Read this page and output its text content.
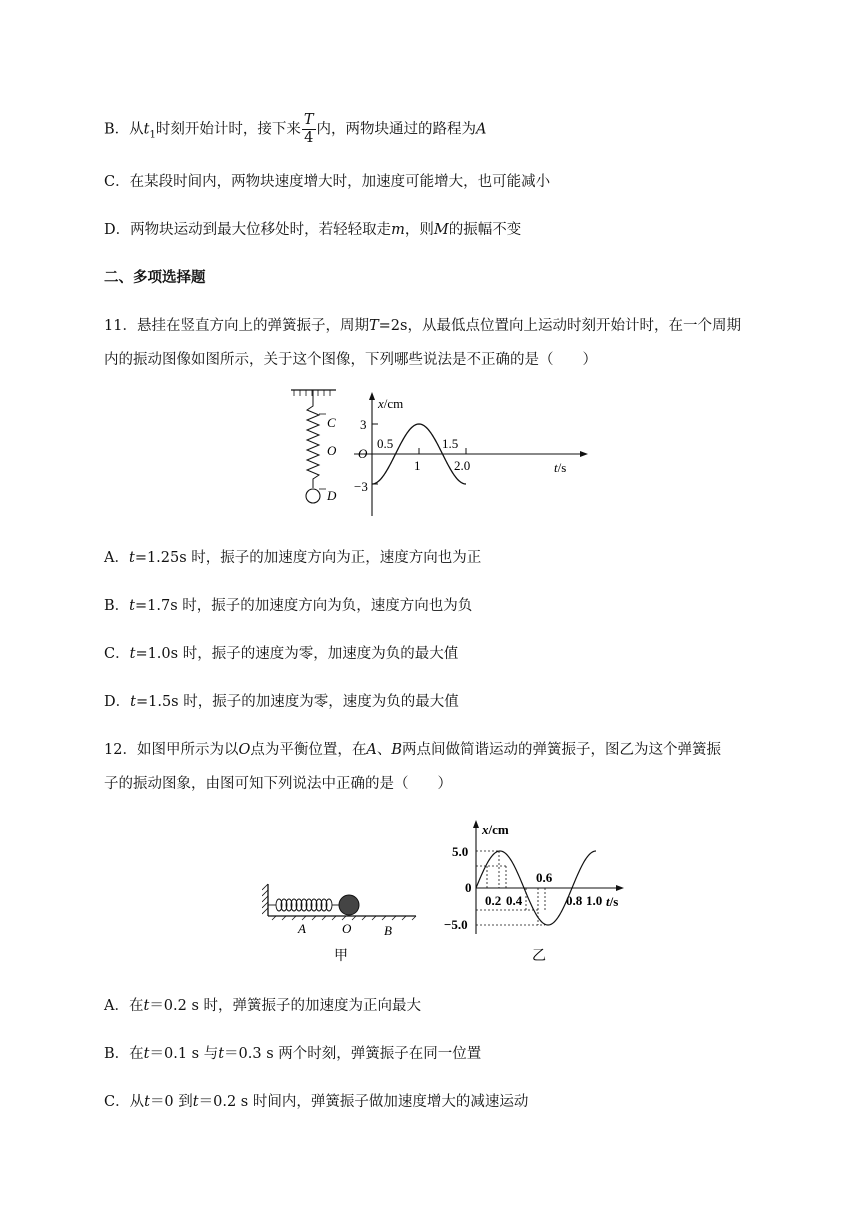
B．从$t_1$时刻开始计时，接下来 $\frac{T}{4}$ 内，两物块通过的路程为A
C．在某段时间内，两物块速度增大时，加速度可能增大，也可能减小
D．两物块运动到最大位移处时，若轻轻取走m，则M的振幅不变
二、多项选择题
11．悬挂在竖直方向上的弹簧振子，周期T=2s，从最低点位置向上运动时刻开始计时，在一个周期
内的振动图像如图所示，关于这个图像，下列哪些说法是不正确的是（　　）
C
O
D
x/cm
t/s
O
3
−3
0.5
1
1.5
2.0
A．t=1.25s 时，振子的加速度方向为正，速度方向也为正
B．t=1.7s 时，振子的加速度方向为负，速度方向也为负
C．t=1.0s 时，振子的速度为零，加速度为负的最大值
D．t=1.5s 时，振子的加速度为零，速度为负的最大值
12．如图甲所示为以O点为平衡位置，在A、B两点间做简谐运动的弹簧振子，图乙为这个弹簧振
子的振动图象，由图可知下列说法中正确的是（　　）
A	O	B
甲
x/cm
t/s
5.0
0
−5.0
0.2 0.4
0.6
0.8 1.0
乙
A．在t＝0.2 s 时，弹簧振子的加速度为正向最大
B．在t＝0.1 s 与t＝0.3 s 两个时刻，弹簧振子在同一位置
C．从t＝0 到t＝0.2 s 时间内，弹簧振子做加速度增大的减速运动
